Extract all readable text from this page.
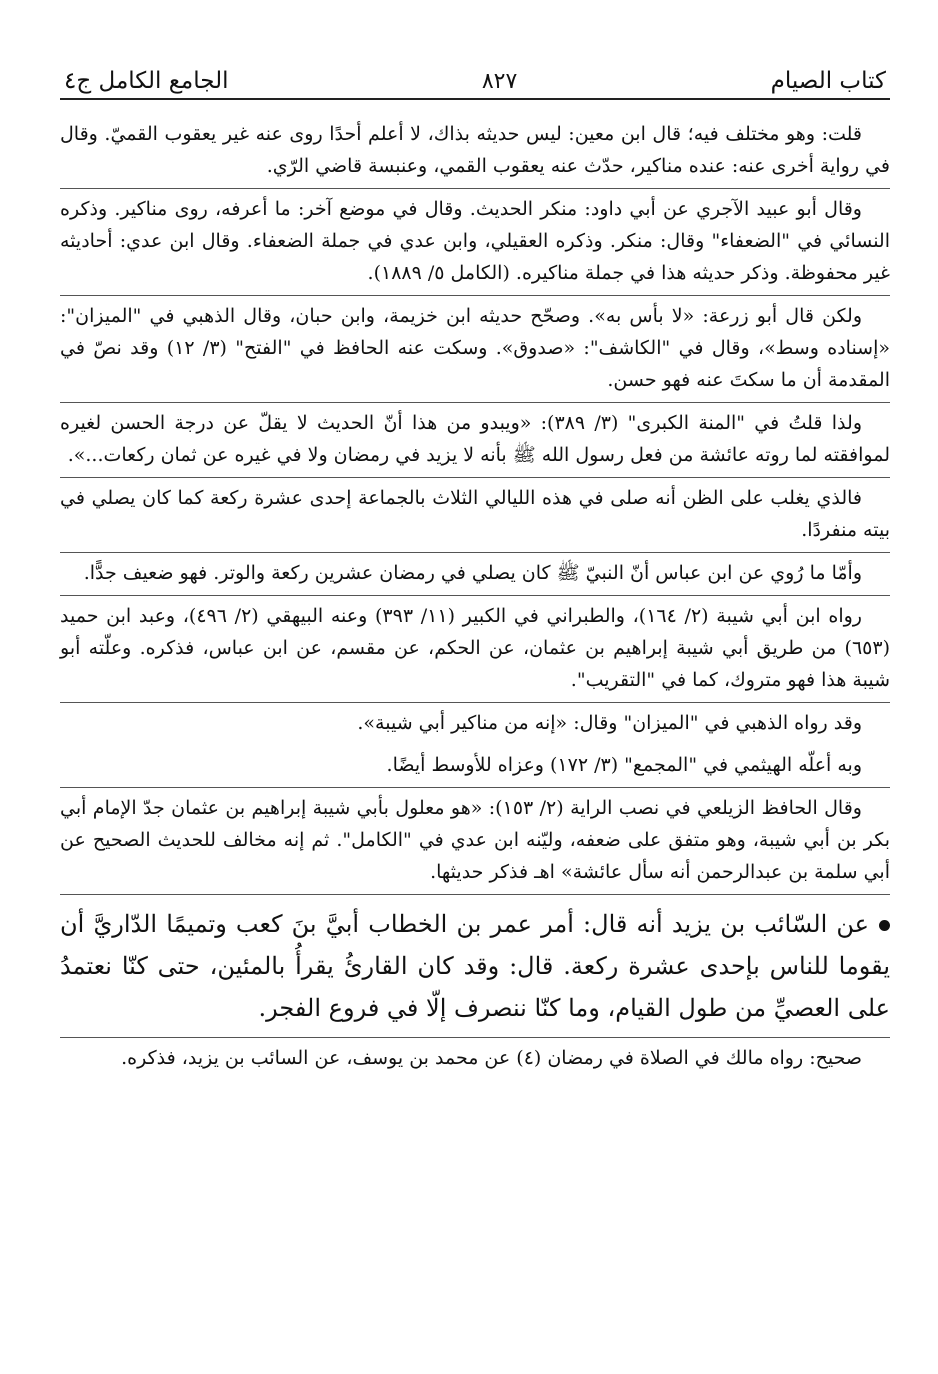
كتاب الصيام
٨٢٧
الجامع الكامل ج٤

قلت: وهو مختلف فيه؛ قال ابن معين: ليس حديثه بذاك، لا أعلم أحدًا روى عنه غير يعقوب القميّ. وقال في رواية أخرى عنه: عنده مناكير، حدّث عنه يعقوب القمي، وعنبسة قاضي الرّي.

وقال أبو عبيد الآجري عن أبي داود: منكر الحديث. وقال في موضع آخر: ما أعرفه، روى مناكير. وذكره النسائي في "الضعفاء" وقال: منكر. وذكره العقيلي، وابن عدي في جملة الضعفاء. وقال ابن عدي: أحاديثه غير محفوظة. وذكر حديثه هذا في جملة مناكيره. (الكامل ٥/ ١٨٨٩).

ولكن قال أبو زرعة: «لا بأس به». وصحّح حديثه ابن خزيمة، وابن حبان، وقال الذهبي في "الميزان": «إسناده وسط»، وقال في "الكاشف": «صدوق». وسكت عنه الحافظ في "الفتح" (٣/ ١٢) وقد نصّ في المقدمة أن ما سكتَ عنه فهو حسن.

ولذا قلتُ في "المنة الكبرى" (٣/ ٣٨٩): «ويبدو من هذا أنّ الحديث لا يقلّ عن درجة الحسن لغيره لموافقته لما روته عائشة من فعل رسول الله ﷺ بأنه لا يزيد في رمضان ولا في غيره عن ثمان ركعات...».

فالذي يغلب على الظن أنه صلى في هذه الليالي الثلاث بالجماعة إحدى عشرة ركعة كما كان يصلي في بيته منفردًا.

وأمّا ما رُوي عن ابن عباس أنّ النبيّ ﷺ كان يصلي في رمضان عشرين ركعة والوتر. فهو ضعيف جدًّا.

رواه ابن أبي شيبة (٢/ ١٦٤)، والطبراني في الكبير (١١/ ٣٩٣) وعنه البيهقي (٢/ ٤٩٦)، وعبد ابن حميد (٦٥٣) من طريق أبي شيبة إبراهيم بن عثمان، عن الحكم، عن مقسم، عن ابن عباس، فذكره. وعلّته أبو شيبة هذا فهو متروك، كما في "التقريب".

وقد رواه الذهبي في "الميزان" وقال: «إنه من مناكير أبي شيبة».

وبه أعلّه الهيثمي في "المجمع" (٣/ ١٧٢) وعزاه للأوسط أيضًا.

وقال الحافظ الزيلعي في نصب الراية (٢/ ١٥٣): «هو معلول بأبي شيبة إبراهيم بن عثمان جدّ الإمام أبي بكر بن أبي شيبة، وهو متفق على ضعفه، وليّنه ابن عدي في "الكامل". ثم إنه مخالف للحديث الصحيح عن أبي سلمة بن عبدالرحمن أنه سأل عائشة» اهـ فذكر حديثها.

عن السّائب بن يزيد أنه قال: أمر عمر بن الخطاب أبيَّ بنَ كعب وتميمًا الدّاريَّ أن يقوما للناس بإحدى عشرة ركعة. قال: وقد كان القارئُ يقرأُ بالمئين، حتى كنّا نعتمدُ على العصيِّ من طول القيام، وما كنّا ننصرف إلّا في فروع الفجر.

صحيح: رواه مالك في الصلاة في رمضان (٤) عن محمد بن يوسف، عن السائب بن يزيد، فذكره.
